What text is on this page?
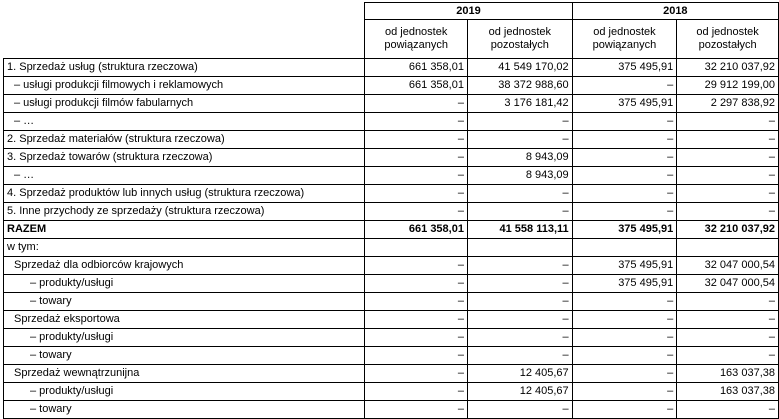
	2019		2018	
	od jednostek powiązanych	od jednostek pozostałych	od jednostek powiązanych	od jednostek pozostałych
1. Sprzedaż usług (struktura rzeczowa)	661 358,01	41 549 170,02	375 495,91	32 210 037,92
– usługi produkcji filmowych i reklamowych	661 358,01	38 372 988,60	–	29 912 199,00
– usługi produkcji filmów fabularnych	–	3 176 181,42	375 495,91	2 297 838,92
– …	–	–	–	–
2. Sprzedaż materiałów (struktura rzeczowa)	–	–	–	–
3. Sprzedaż towarów (struktura rzeczowa)	–	8 943,09	–	–
– …	–	8 943,09	–	–
4. Sprzedaż produktów lub innych usług (struktura rzeczowa)	–	–	–	–
5. Inne przychody ze sprzedaży (struktura rzeczowa)	–	–	–	–
RAZEM	661 358,01	41 558 113,11	375 495,91	32 210 037,92
w tym:				
Sprzedaż dla odbiorców krajowych	–	–	375 495,91	32 047 000,54
– produkty/usługi	–	–	375 495,91	32 047 000,54
– towary	–	–	–	–
Sprzedaż eksportowa	–	–	–	–
– produkty/usługi	–	–	–	–
– towary	–	–	–	–
Sprzedaż wewnątrzunijna	–	12 405,67	–	163 037,38
– produkty/usługi	–	12 405,67	–	163 037,38
– towary	–	–	–	–
